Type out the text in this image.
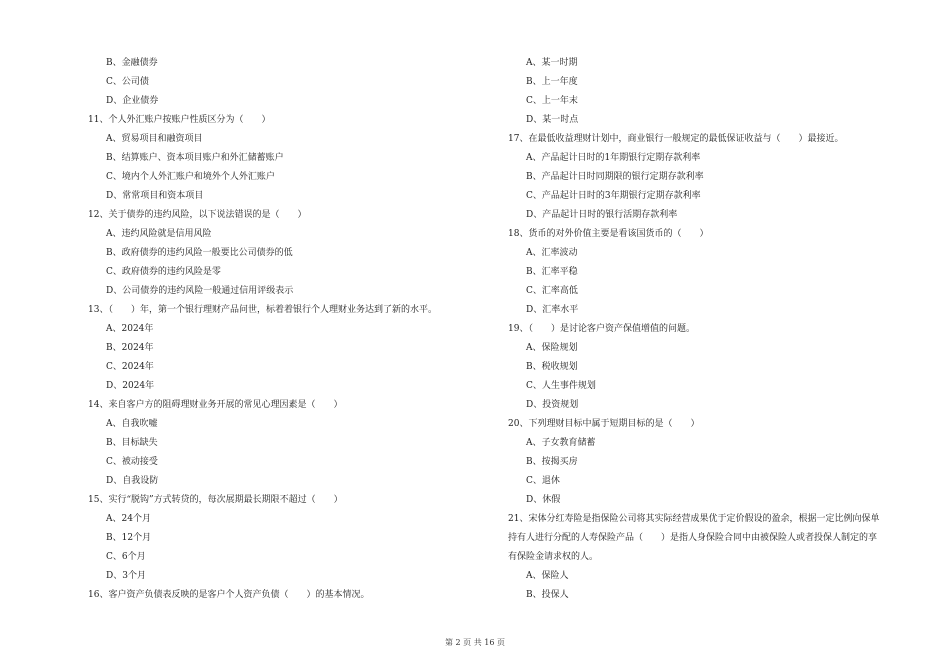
B、金融债券
C、公司债
D、企业债券
11、个人外汇账户按账户性质区分为（　　）
A、贸易项目和融资项目
B、结算账户、资本项目账户和外汇储蓄账户
C、境内个人外汇账户和境外个人外汇账户
D、常常项目和资本项目
12、关于债券的违约风险，以下说法错误的是（　　）
A、违约风险就是信用风险
B、政府债券的违约风险一般要比公司债券的低
C、政府债券的违约风险是零
D、公司债券的违约风险一般通过信用评级表示
13、（　　）年，第一个银行理财产品问世，标着着银行个人理财业务达到了新的水平。
A、2024年
B、2024年
C、2024年
D、2024年
14、来自客户方的阻碍理财业务开展的常见心理因素是（　　）
A、自我吹嘘
B、目标缺失
C、被动接受
D、自我设防
15、实行“脱钩”方式转贷的，每次展期最长期限不超过（　　）
A、24个月
B、12个月
C、6个月
D、3个月
16、客户资产负债表反映的是客户个人资产负债（　　）的基本情况。
A、某一时期
B、上一年度
C、上一年末
D、某一时点
17、在最低收益理财计划中，商业银行一般规定的最低保证收益与（　　）最接近。
A、产品起计日时的1年期银行定期存款利率
B、产品起计日时同期限的银行定期存款利率
C、产品起计日时的3年期银行定期存款利率
D、产品起计日时的银行活期存款利率
18、货币的对外价值主要是看该国货币的（　　）
A、汇率波动
B、汇率平稳
C、汇率高低
D、汇率水平
19、（　　）是讨论客户资产保值增值的问题。
A、保险规划
B、税收规划
C、人生事件规划
D、投资规划
20、下列理财目标中属于短期目标的是（　　）
A、子女教育储蓄
B、按揭买房
C、退休
D、休假
21、宋体分红寿险是指保险公司将其实际经营成果优于定价假设的盈余，根据一定比例向保单
持有人进行分配的人寿保险产品（　　）是指人身保险合同中由被保险人或者投保人制定的享
有保险金请求权的人。
A、保险人
B、投保人
第 2 页 共 16 页
